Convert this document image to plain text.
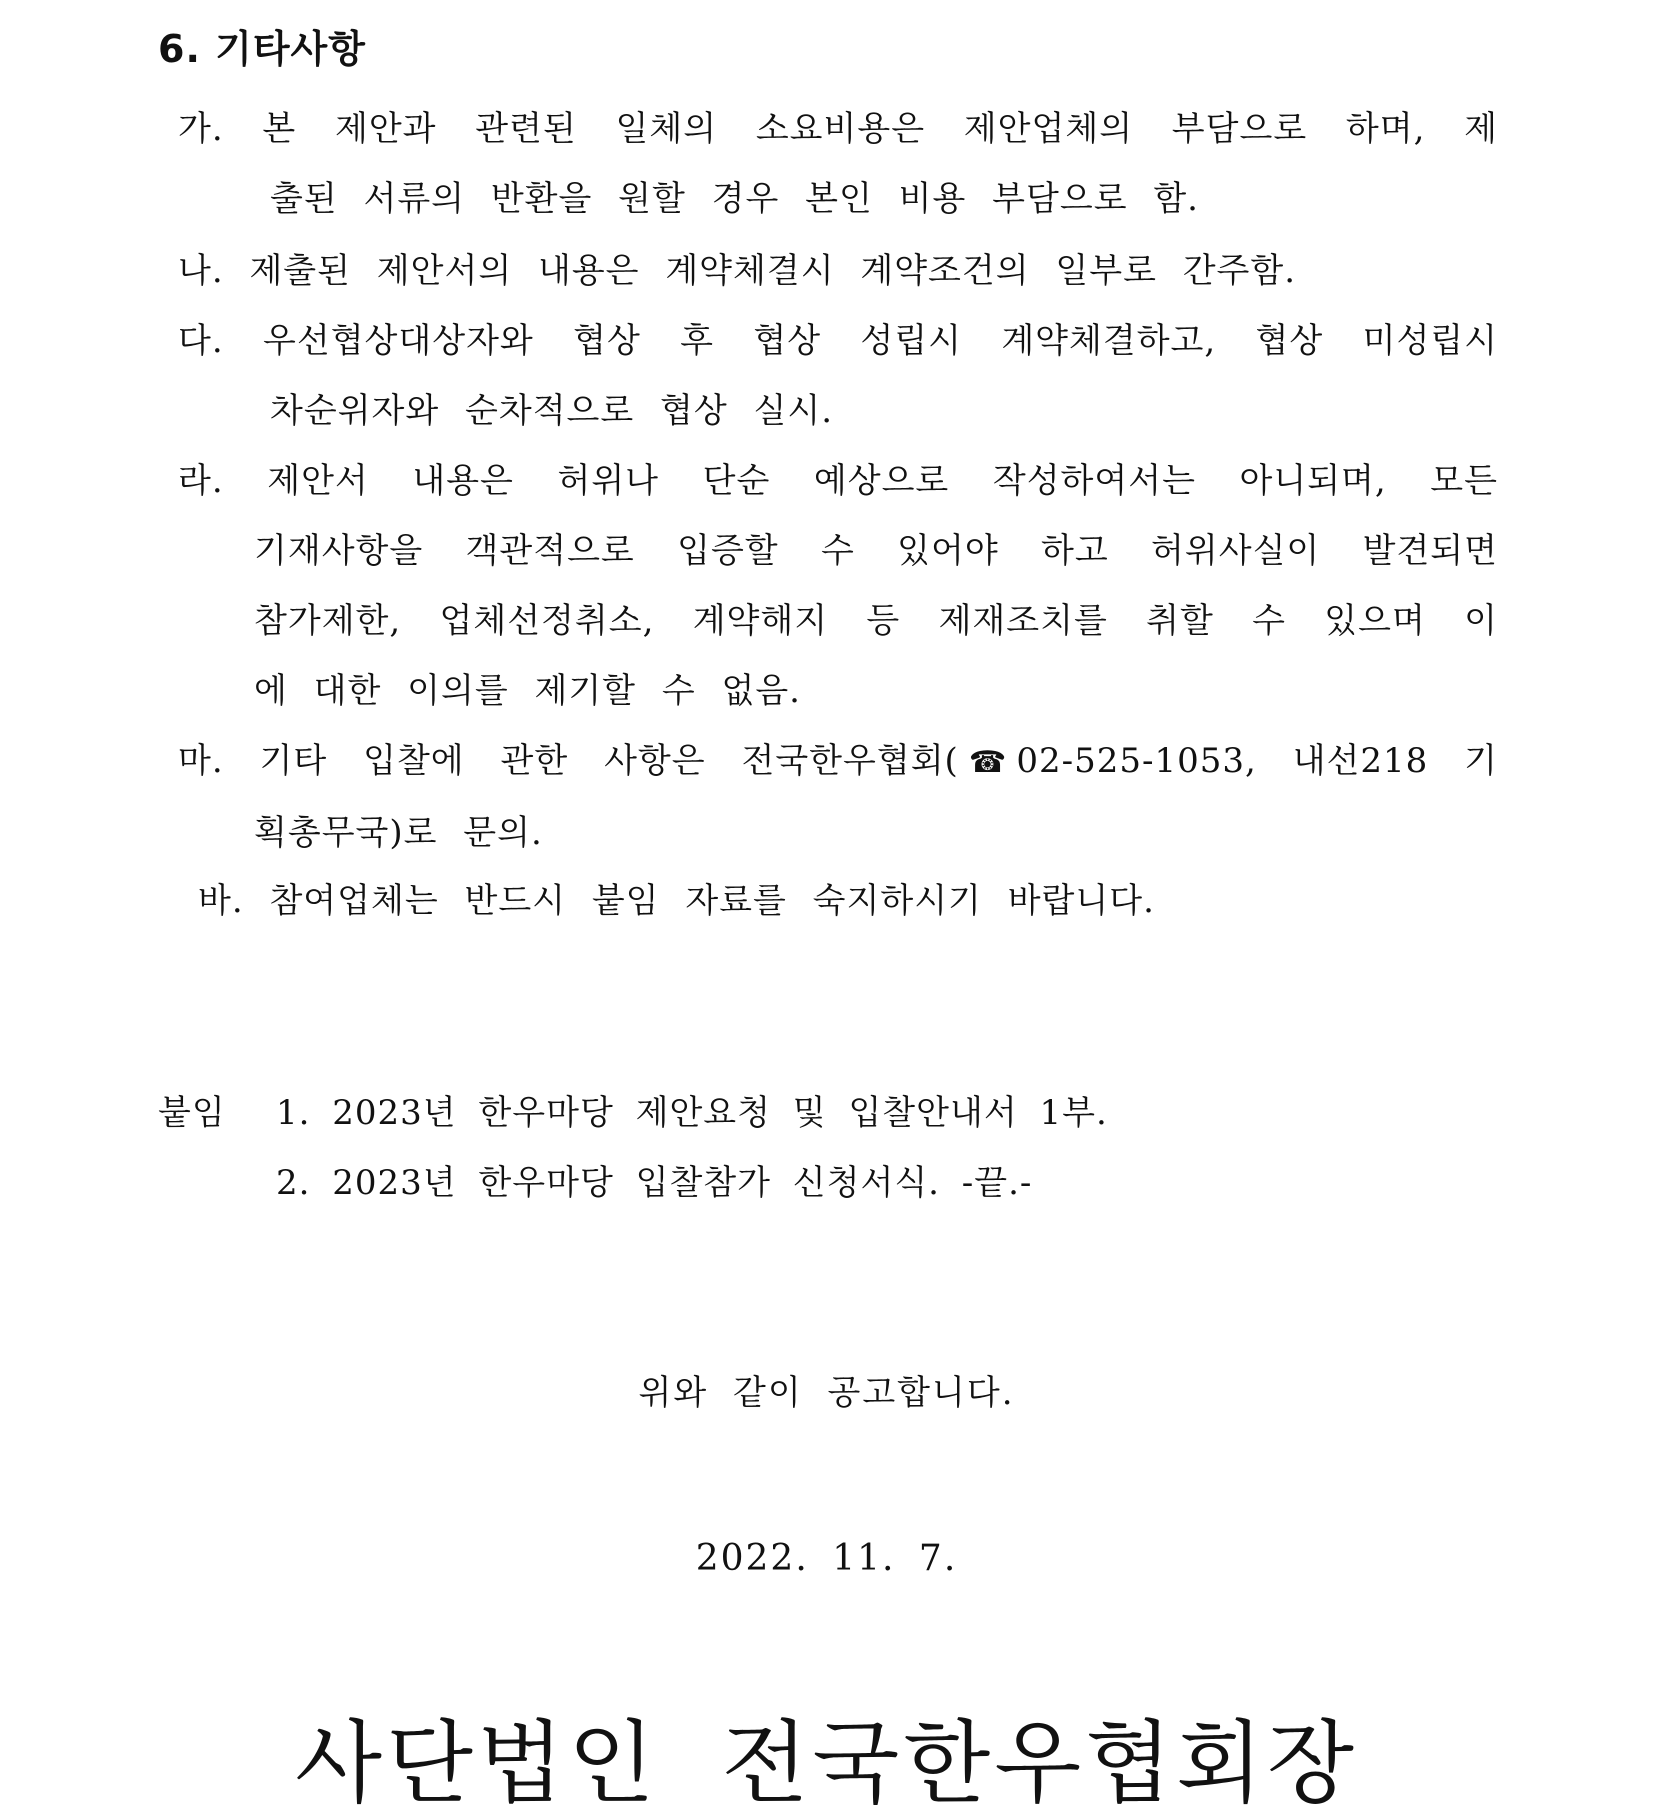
6. 기타사항
가. 본 제안과 관련된 일체의 소요비용은 제안업체의 부담으로 하며, 제
출된 서류의 반환을 원할 경우 본인 비용 부담으로 함.
나. 제출된 제안서의 내용은 계약체결시 계약조건의 일부로 간주함.
다. 우선협상대상자와 협상 후 협상 성립시 계약체결하고, 협상 미성립시
차순위자와 순차적으로 협상 실시.
라. 제안서 내용은 허위나 단순 예상으로 작성하여서는 아니되며, 모든
기재사항을 객관적으로 입증할 수 있어야 하고 허위사실이 발견되면
참가제한, 업체선정취소, 계약해지 등 제재조치를 취할 수 있으며 이
에 대한 이의를 제기할 수 없음.
마. 기타 입찰에 관한 사항은 전국한우협회(☎02-525-1053, 내선218 기
획총무국)로 문의.
바. 참여업체는 반드시 붙임 자료를 숙지하시기 바랍니다.
붙임 1. 2023년 한우마당 제안요청 및 입찰안내서 1부.
2. 2023년 한우마당 입찰참가 신청서식. -끝.-
위와 같이 공고합니다.
2022. 11. 7.
사단법인 전국한우협회장
